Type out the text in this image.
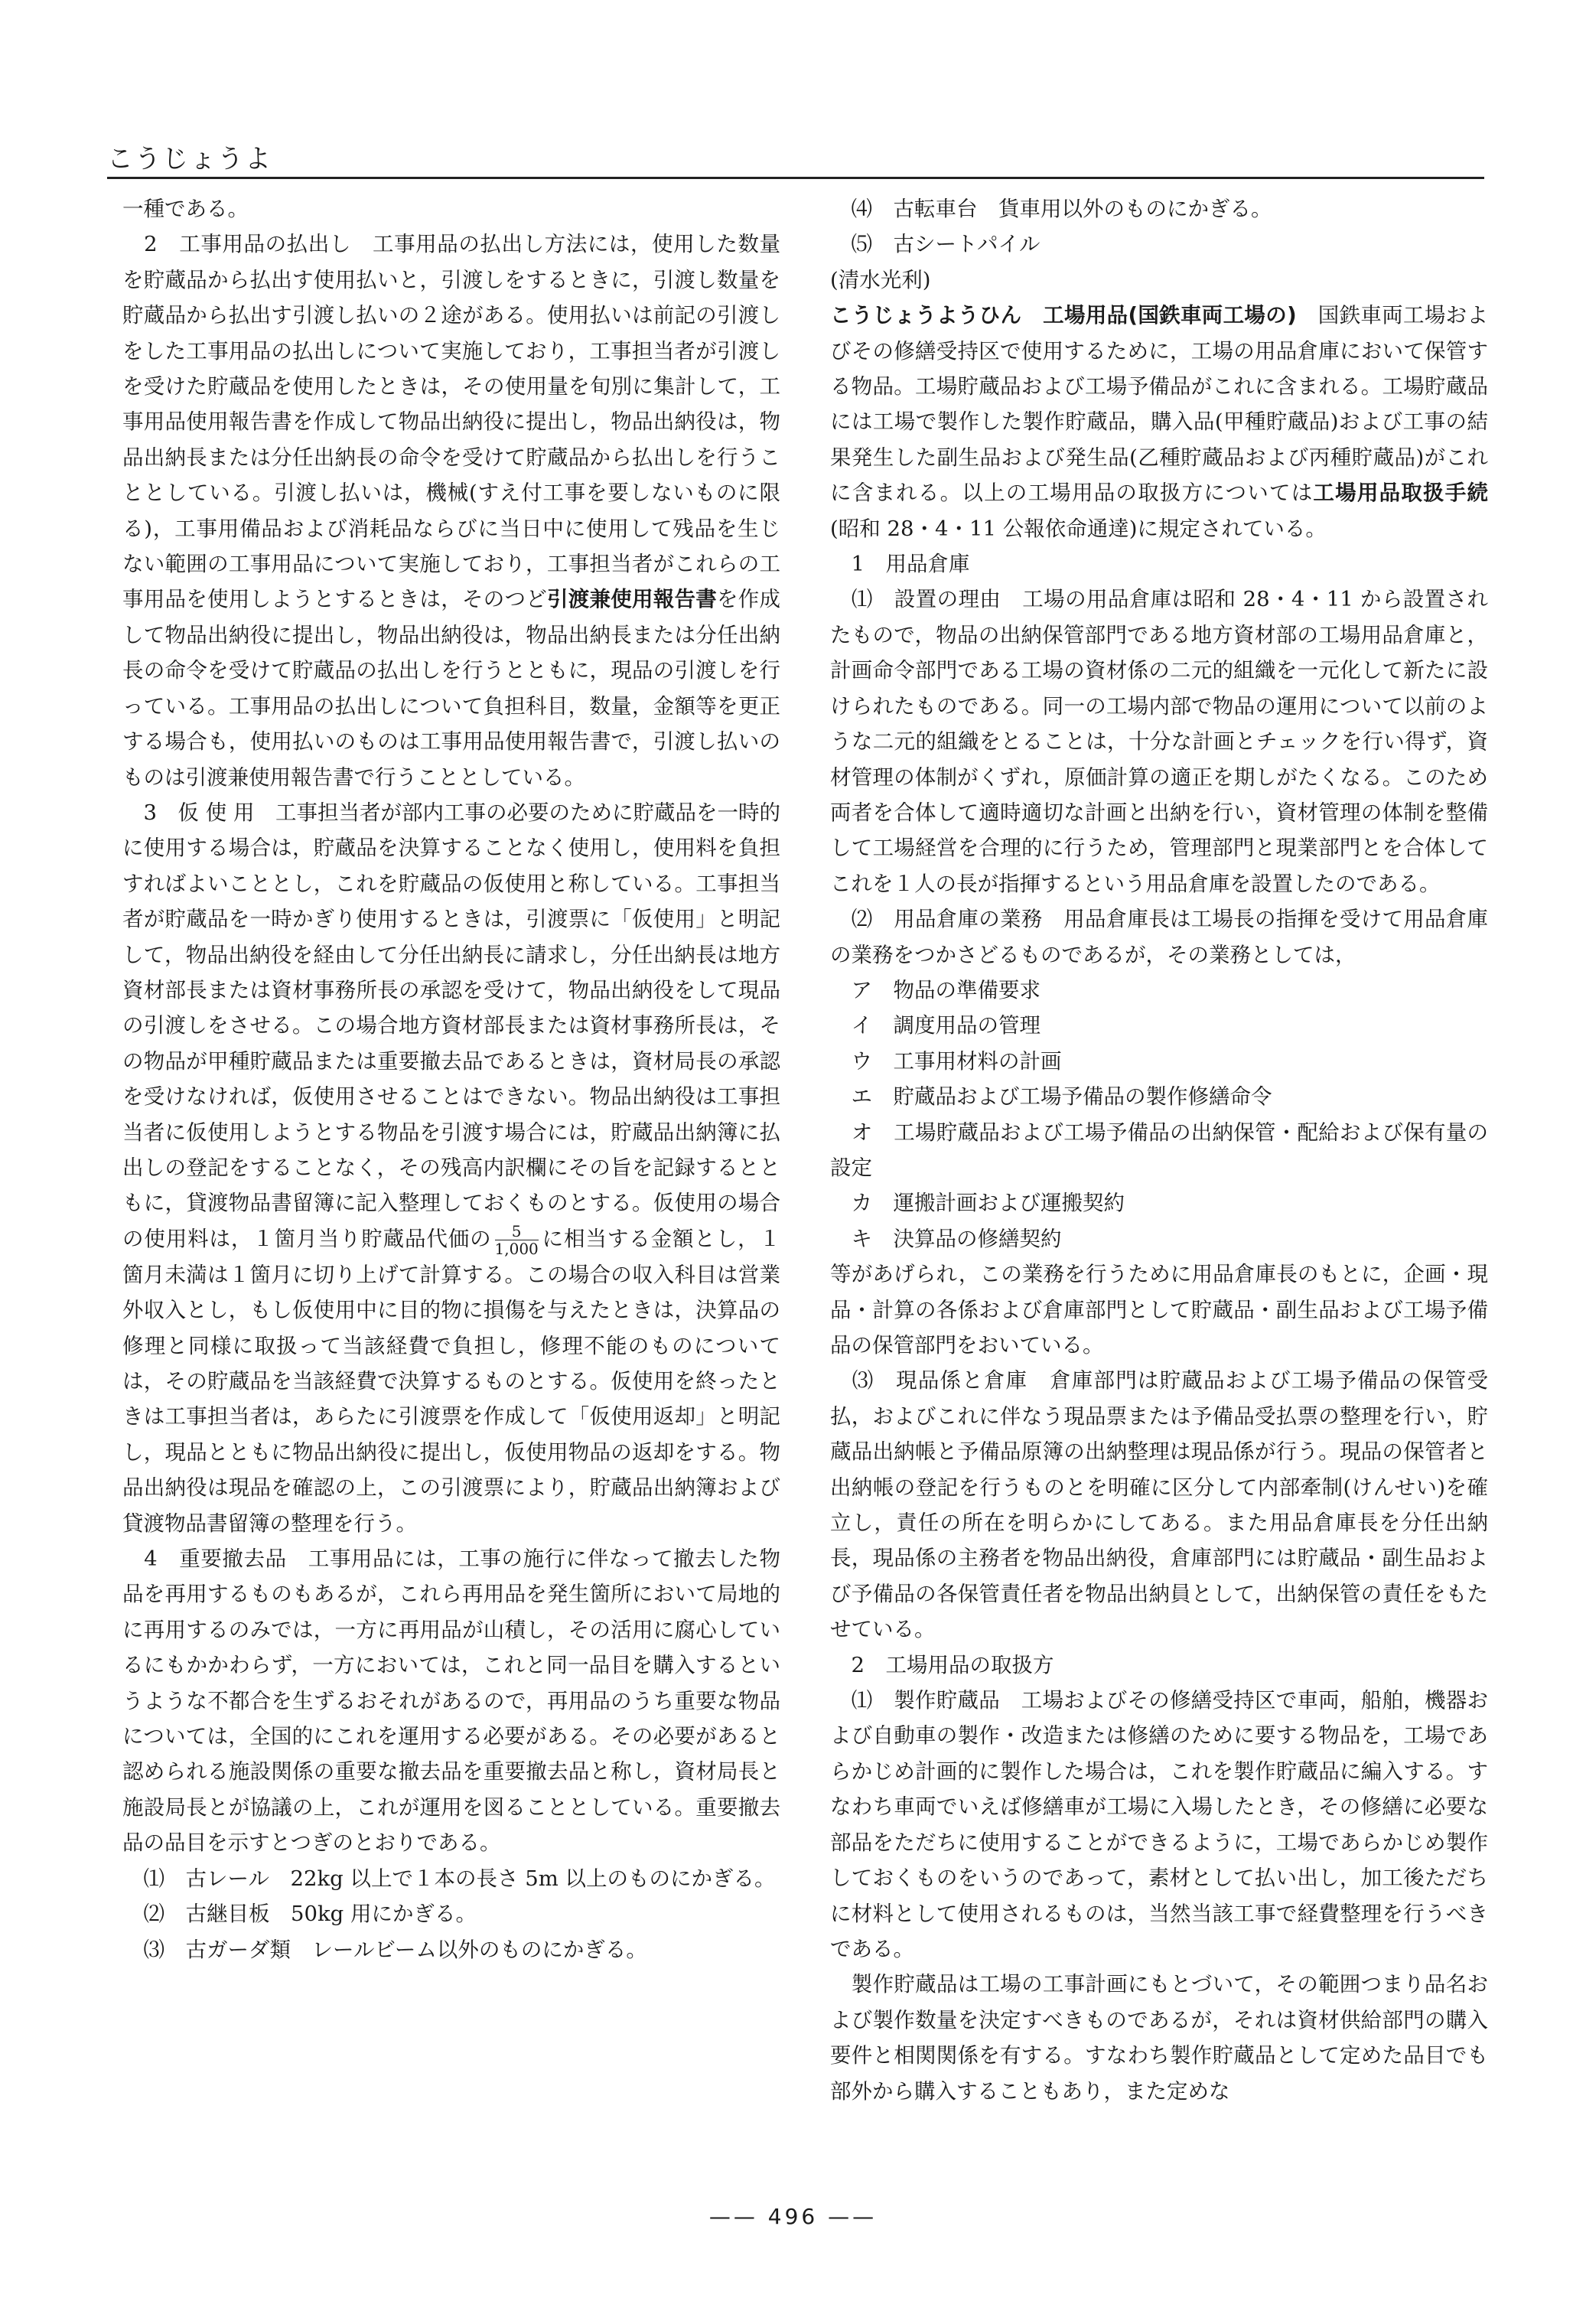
こうじょうよ
一種である。
　2　工事用品の払出し　工事用品の払出し方法には，使用した数量を貯蔵品から払出す使用払いと，引渡しをするときに，引渡し数量を貯蔵品から払出す引渡し払いの２途がある。使用払いは前記の引渡しをした工事用品の払出しについて実施しており，工事担当者が引渡しを受けた貯蔵品を使用したときは，その使用量を旬別に集計して，工事用品使用報告書を作成して物品出納役に提出し，物品出納役は，物品出納長または分任出納長の命令を受けて貯蔵品から払出しを行うこととしている。引渡し払いは，機械(すえ付工事を要しないものに限る)，工事用備品および消耗品ならびに当日中に使用して残品を生じない範囲の工事用品について実施しており，工事担当者がこれらの工事用品を使用しようとするときは，そのつど引渡兼使用報告書を作成して物品出納役に提出し，物品出納役は，物品出納長または分任出納長の命令を受けて貯蔵品の払出しを行うとともに，現品の引渡しを行っている。工事用品の払出しについて負担科目，数量，金額等を更正する場合も，使用払いのものは工事用品使用報告書で，引渡し払いのものは引渡兼使用報告書で行うこととしている。
　3　仮 使 用　工事担当者が部内工事の必要のために貯蔵品を一時的に使用する場合は，貯蔵品を決算することなく使用し，使用料を負担すればよいこととし，これを貯蔵品の仮使用と称している。工事担当者が貯蔵品を一時かぎり使用するときは，引渡票に「仮使用」と明記して，物品出納役を経由して分任出納長に請求し，分任出納長は地方資材部長または資材事務所長の承認を受けて，物品出納役をして現品の引渡しをさせる。この場合地方資材部長または資材事務所長は，その物品が甲種貯蔵品または重要撤去品であるときは，資材局長の承認を受けなければ，仮使用させることはできない。物品出納役は工事担当者に仮使用しようとする物品を引渡す場合には，貯蔵品出納簿に払出しの登記をすることなく，その残高内訳欄にその旨を記録するとともに，貸渡物品書留簿に記入整理しておくものとする。仮使用の場合の使用料は，１箇月当り貯蔵品代価の $\frac{5}{1,000}$ に相当する金額とし，１箇月未満は１箇月に切り上げて計算する。この場合の収入科目は営業外収入とし，もし仮使用中に目的物に損傷を与えたときは，決算品の修理と同様に取扱って当該経費で負担し，修理不能のものについては，その貯蔵品を当該経費で決算するものとする。仮使用を終ったときは工事担当者は，あらたに引渡票を作成して「仮使用返却」と明記し，現品とともに物品出納役に提出し，仮使用物品の返却をする。物品出納役は現品を確認の上，この引渡票により，貯蔵品出納簿および貸渡物品書留簿の整理を行う。
　4　重要撤去品　工事用品には，工事の施行に伴なって撤去した物品を再用するものもあるが，これら再用品を発生箇所において局地的に再用するのみでは，一方に再用品が山積し，その活用に腐心しているにもかかわらず，一方においては，これと同一品目を購入するというような不都合を生ずるおそれがあるので，再用品のうち重要な物品については，全国的にこれを運用する必要がある。その必要があると認められる施設関係の重要な撤去品を重要撤去品と称し，資材局長と施設局長とが協議の上，これが運用を図ることとしている。重要撤去品の品目を示すとつぎのとおりである。
　⑴　古レール　22kg 以上で１本の長さ 5m 以上のものにかぎる。
　⑵　古継目板　50kg 用にかぎる。
　⑶　古ガーダ類　レールビーム以外のものにかぎる。
　⑷　古転車台　貨車用以外のものにかぎる。
　⑸　古シートパイル
(清水光利)
こうじょうようひん　工場用品(国鉄車両工場の)　国鉄車両工場およびその修繕受持区で使用するために，工場の用品倉庫において保管する物品。工場貯蔵品および工場予備品がこれに含まれる。工場貯蔵品には工場で製作した製作貯蔵品，購入品(甲種貯蔵品)および工事の結果発生した副生品および発生品(乙種貯蔵品および丙種貯蔵品)がこれに含まれる。以上の工場用品の取扱方については工場用品取扱手続(昭和 28・4・11 公報依命通達)に規定されている。
　1　用品倉庫
　⑴　設置の理由　工場の用品倉庫は昭和 28・4・11 から設置されたもので，物品の出納保管部門である地方資材部の工場用品倉庫と，計画命令部門である工場の資材係の二元的組織を一元化して新たに設けられたものである。同一の工場内部で物品の運用について以前のような二元的組織をとることは，十分な計画とチェックを行い得ず，資材管理の体制がくずれ，原価計算の適正を期しがたくなる。このため両者を合体して適時適切な計画と出納を行い，資材管理の体制を整備して工場経営を合理的に行うため，管理部門と現業部門とを合体してこれを１人の長が指揮するという用品倉庫を設置したのである。
　⑵　用品倉庫の業務　用品倉庫長は工場長の指揮を受けて用品倉庫の業務をつかさどるものであるが，その業務としては，
　ア　物品の準備要求
　イ　調度用品の管理
　ウ　工事用材料の計画
　エ　貯蔵品および工場予備品の製作修繕命令
　オ　工場貯蔵品および工場予備品の出納保管・配給および保有量の設定
　カ　運搬計画および運搬契約
　キ　決算品の修繕契約
等があげられ，この業務を行うために用品倉庫長のもとに，企画・現品・計算の各係および倉庫部門として貯蔵品・副生品および工場予備品の保管部門をおいている。
　⑶　現品係と倉庫　倉庫部門は貯蔵品および工場予備品の保管受払，およびこれに伴なう現品票または予備品受払票の整理を行い，貯蔵品出納帳と予備品原簿の出納整理は現品係が行う。現品の保管者と出納帳の登記を行うものとを明確に区分して内部牽制(けんせい)を確立し，責任の所在を明らかにしてある。また用品倉庫長を分任出納長，現品係の主務者を物品出納役，倉庫部門には貯蔵品・副生品および予備品の各保管責任者を物品出納員として，出納保管の責任をもたせている。
　2　工場用品の取扱方
　⑴　製作貯蔵品　工場およびその修繕受持区で車両，船舶，機器および自動車の製作・改造または修繕のために要する物品を，工場であらかじめ計画的に製作した場合は，これを製作貯蔵品に編入する。すなわち車両でいえば修繕車が工場に入場したとき，その修繕に必要な部品をただちに使用することができるように，工場であらかじめ製作しておくものをいうのであって，素材として払い出し，加工後ただちに材料として使用されるものは，当然当該工事で経費整理を行うべきである。
　製作貯蔵品は工場の工事計画にもとづいて，その範囲つまり品名および製作数量を決定すべきものであるが，それは資材供給部門の購入要件と相関関係を有する。すなわち製作貯蔵品として定めた品目でも部外から購入することもあり，また定めな
—— 496 ——
